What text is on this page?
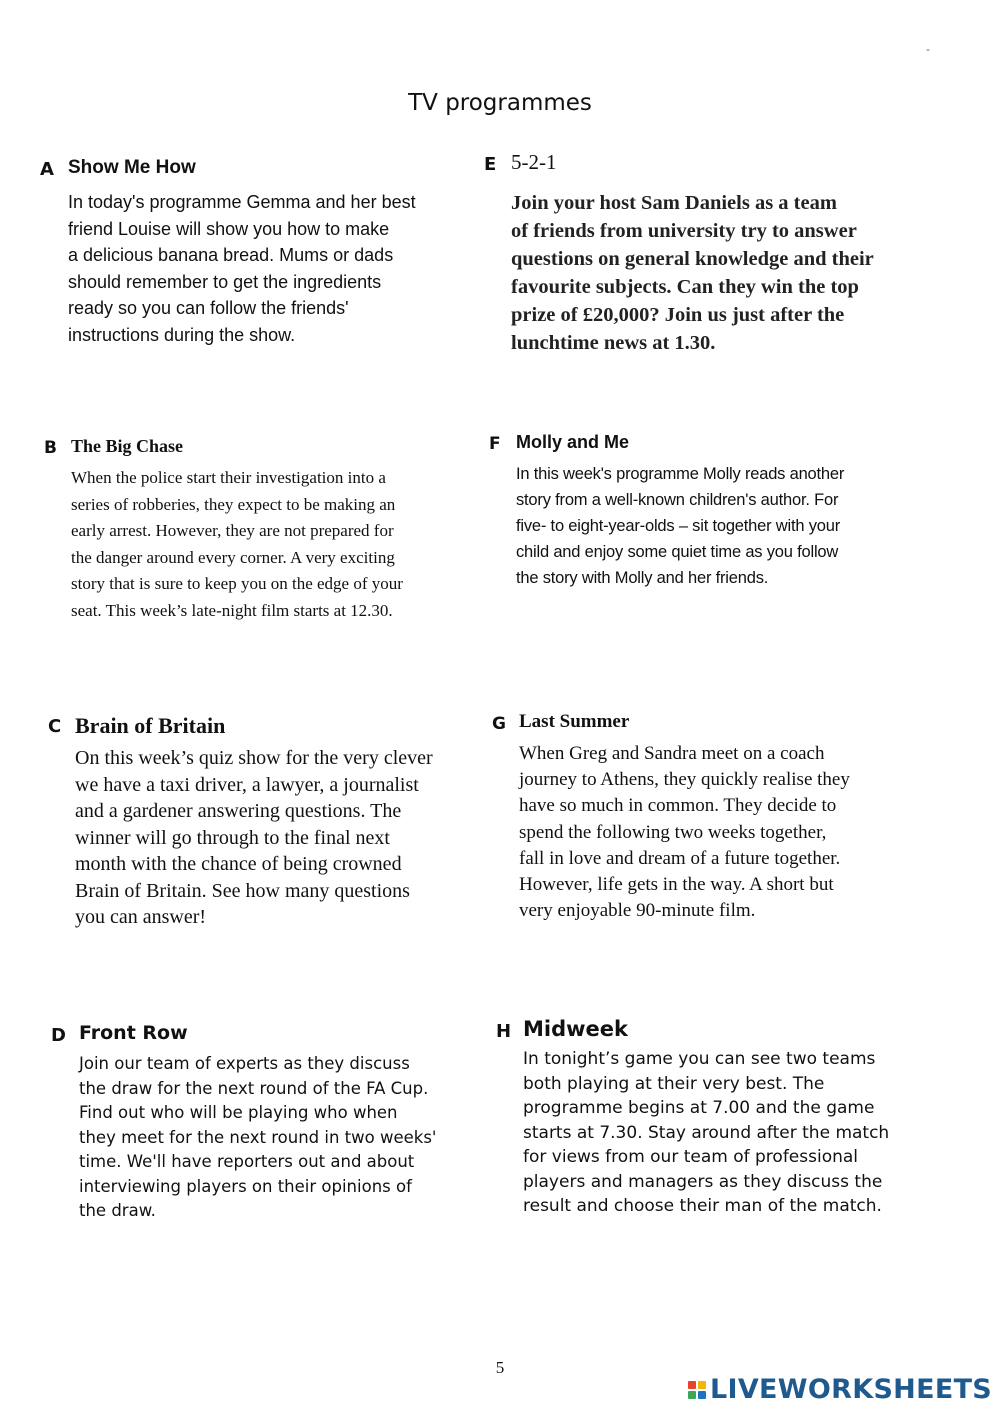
-
TV programmes
A Show Me How

In today's programme Gemma and her best
friend Louise will show you how to make
a delicious banana bread. Mums or dads
should remember to get the ingredients
ready so you can follow the friends'
instructions during the show.

E 5-2-1

Join your host Sam Daniels as a team
of friends from university try to answer
questions on general knowledge and their
favourite subjects. Can they win the top
prize of £20,000? Join us just after the
lunchtime news at 1.30.

B The Big Chase

When the police start their investigation into a
series of robberies, they expect to be making an
early arrest. However, they are not prepared for
the danger around every corner. A very exciting
story that is sure to keep you on the edge of your
seat. This week’s late-night film starts at 12.30.

F Molly and Me

In this week's programme Molly reads another
story from a well-known children's author. For
five- to eight-year-olds – sit together with your
child and enjoy some quiet time as you follow
the story with Molly and her friends.

C Brain of Britain

On this week’s quiz show for the very clever
we have a taxi driver, a lawyer, a journalist
and a gardener answering questions. The
winner will go through to the final next
month with the chance of being crowned
Brain of Britain. See how many questions
you can answer!

G Last Summer

When Greg and Sandra meet on a coach
journey to Athens, they quickly realise they
have so much in common. They decide to
spend the following two weeks together,
fall in love and dream of a future together.
However, life gets in the way. A short but
very enjoyable 90-minute film.

D Front Row

Join our team of experts as they discuss
the draw for the next round of the FA Cup.
Find out who will be playing who when
they meet for the next round in two weeks'
time. We'll have reporters out and about
interviewing players on their opinions of
the draw.

H Midweek

In tonight’s game you can see two teams
both playing at their very best. The
programme begins at 7.00 and the game
starts at 7.30. Stay around after the match
for views from our team of professional
players and managers as they discuss the
result and choose their man of the match.

5
LIVEWORKSHEETS
